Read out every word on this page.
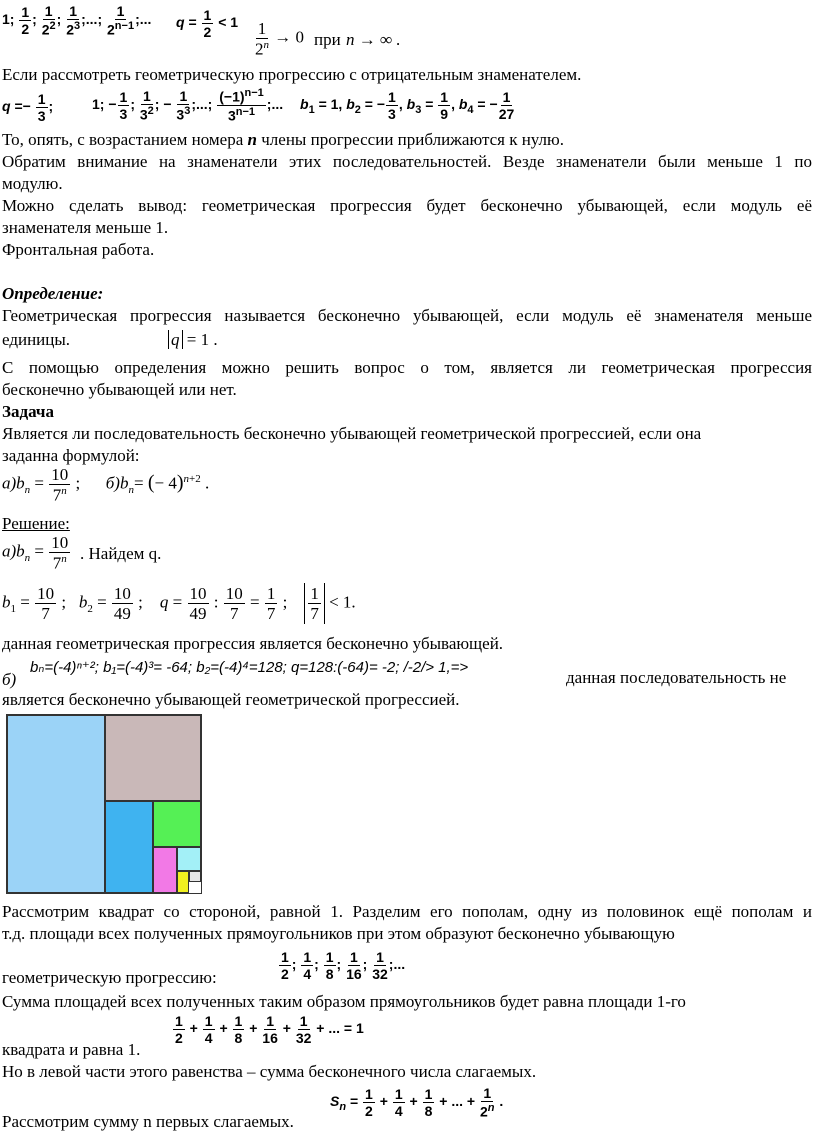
1; $\frac{1}{2}$ ; $\frac{1}{2^2}$ ; $\frac{1}{2^3}$ ;...; $\frac{1}{2^{n-1}}$ ;... $q = \frac{1}{2} < 1 \frac{1}{2^n} \to 0$ при n → ∞ .
Если рассмотреть геометрическую прогрессию с отрицательным знаменателем.
$q =- \frac{1}{3}$ ;	1; − $\frac{1}{3}$ ; $\frac{1}{3^2}$ ; − $\frac{1}{3^3}$ ;...; $\frac{(-1)^{n-1}}{3^{n-1}}$ ;... $b_1 = 1$, $b_2$ = − $\frac{1}{3}$ , $b_3 = \frac{1}{9}$ , $b_4$ = − $\frac{1}{27}$
То, опять, с возрастанием номера n члены прогрессии приближаются к нулю.
Обратим внимание на знаменатели этих последовательностей. Везде знаменатели были меньше 1 по
модулю.
Можно сделать вывод: геометрическая прогрессия будет бесконечно убывающей, если модуль её
знаменателя меньше 1.
Фронтальная работа.
Определение:
Геометрическая прогрессия называется бесконечно убывающей, если модуль её знаменателя меньше
единицы.	q = 1 .
С помощью определения можно решить вопрос о том, является ли геометрическая прогрессия
бесконечно убывающей или нет.
Задача
Является ли последовательность бесконечно убывающей геометрической прогрессией, если она
заданна формулой:
$а)b_n = \frac{10}{7^n}$ ;      $б)b_n=$ (− 4)$^{n+2}$ .
Решение:
$а)b_n = \frac{10}{7^n}$ . Найдем q.
$b_1 = \frac{10}{7}$ ;   $b_2 = \frac{10}{49}$ ;    $q = \frac{10}{49}$ : $\frac{10}{7} = \frac{1}{7}$ ; $\frac{1}{7} < 1$.
данная геометрическая прогрессия является бесконечно убывающей.
б)
bₙ=(-4)ⁿ⁺²; b₁=(-4)³= -64; b₂=(-4)⁴=128; q=128:(-64)= -2; /-2/> 1,=>
данная последовательность не
является бесконечно убывающей геометрической прогрессией.
Рассмотрим квадрат со стороной, равной 1. Разделим его пополам, одну из половинок ещё пополам и
т.д. площади всех полученных прямоугольников при этом образуют бесконечно убывающую
геометрическую прогрессию:	$\frac{1}{2}$ ; $\frac{1}{4}$ ; $\frac{1}{8}$ ; $\frac{1}{16}$ ; $\frac{1}{32}$ ;...
Сумма площадей всех полученных таким образом прямоугольников будет равна площади 1-го
$\frac{1}{2} + \frac{1}{4} + \frac{1}{8} + \frac{1}{16} + \frac{1}{32}$ + ... = 1
квадрата и равна 1.
Но в левой части этого равенства – сумма бесконечного числа слагаемых.
Рассмотрим сумму n первых слагаемых.
$S_n = \frac{1}{2} + \frac{1}{4} + \frac{1}{8}$ + ... + $\frac{1}{2^n}$ .
